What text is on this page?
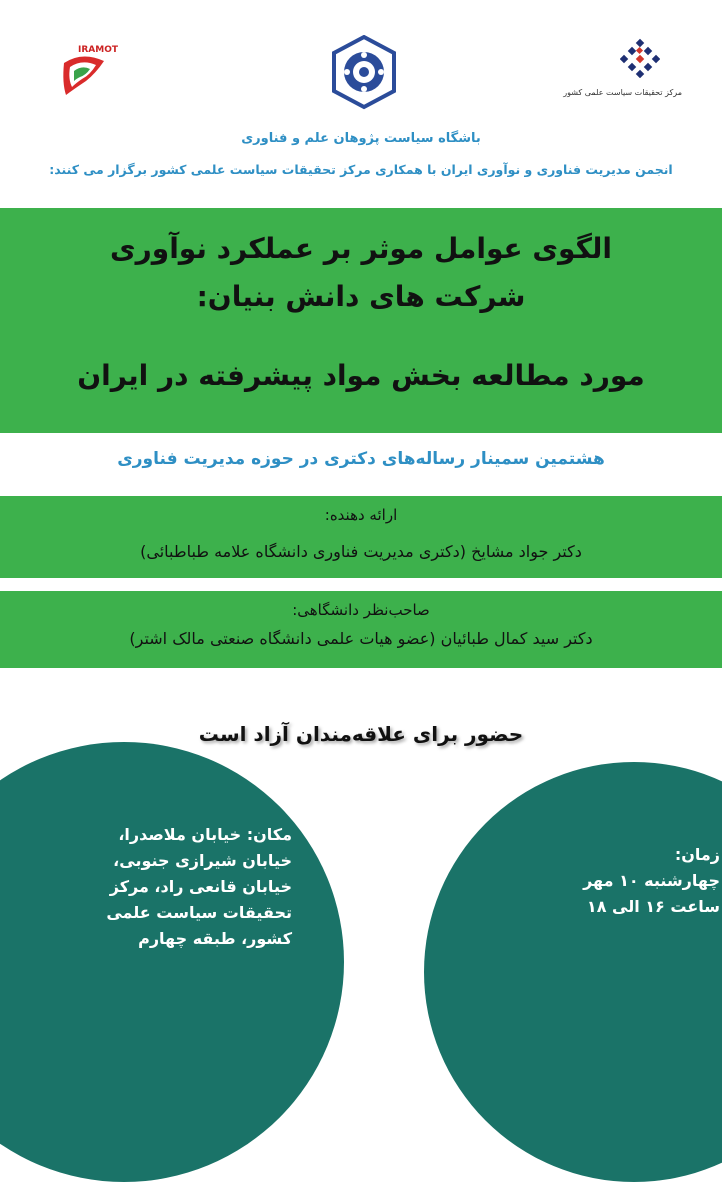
IRAMOT
مرکز تحقیقات سیاست علمی کشور
باشگاه سیاست پژوهان علم و فناوری
انجمن مدیریت فناوری و نوآوری ایران با همکاری مرکز تحقیقات سیاست علمی کشور برگزار می کنند:
الگوی عوامل موثر بر عملکرد نوآوری
شرکت های دانش بنیان:
مورد مطالعه بخش مواد پیشرفته در ایران
هشتمین سمینار رساله‌های دکتری در حوزه مدیریت فناوری
ارائه دهنده:
دکتر جواد مشایخ (دکتری مدیریت فناوری دانشگاه علامه طباطبائی)
صاحب‌نظر دانشگاهی:
دکتر سید کمال طبائیان (عضو هیات علمی دانشگاه صنعتی مالک اشتر)
حضور برای علاقه‌مندان آزاد است
مکان: خیابان ملاصدرا،
خیابان شیرازی جنوبی،
خیابان قانعی راد، مرکز
تحقیقات سیاست علمی
کشور، طبقه چهارم
زمان:
چهارشنبه ۱۰ مهر
ساعت ۱۶ الی ۱۸
